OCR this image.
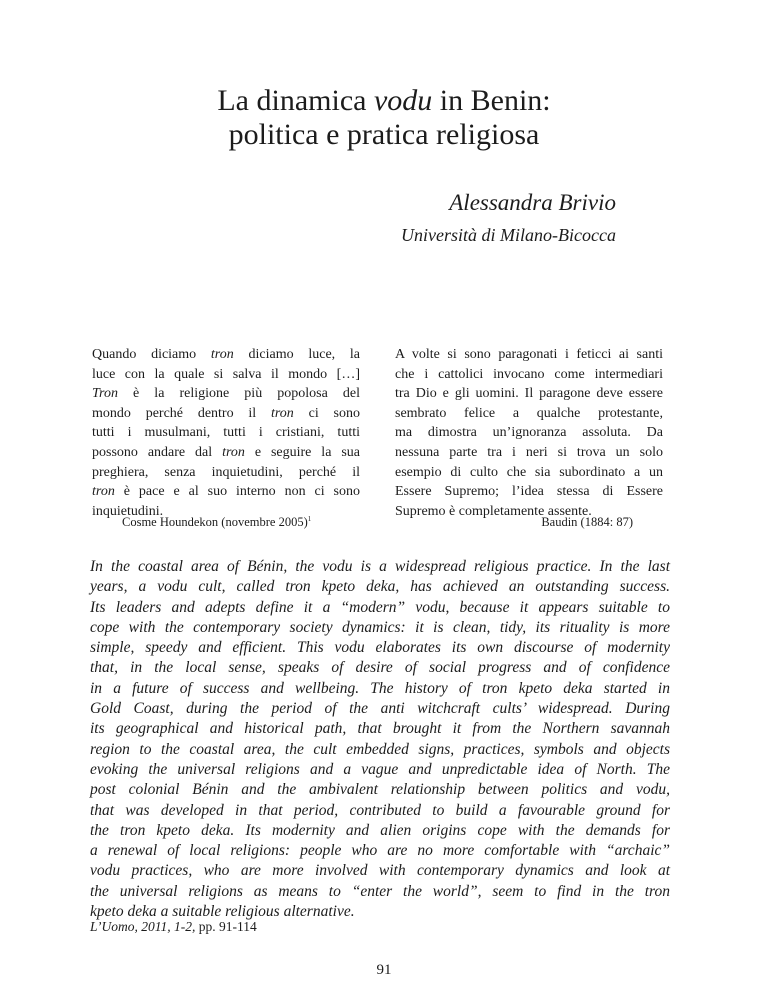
La dinamica vodu in Benin:
politica e pratica religiosa
Alessandra Brivio
Università di Milano-Bicocca
Quando diciamo tron diciamo luce, la
luce con la quale si salva il mondo […]
Tron è la religione più popolosa del
mondo perché dentro il tron ci sono
tutti i musulmani, tutti i cristiani, tutti
possono andare dal tron e seguire la sua
preghiera, senza inquietudini, perché il
tron è pace e al suo interno non ci sono
inquietudini.
A volte si sono paragonati i feticci ai santi
che i cattolici invocano come intermediari
tra Dio e gli uomini. Il paragone deve essere
sembrato felice a qualche protestante,
ma dimostra un’ignoranza assoluta. Da
nessuna parte tra i neri si trova un solo
esempio di culto che sia subordinato a un
Essere Supremo; l’idea stessa di Essere
Supremo è completamente assente.
Cosme Houndekon (novembre 2005)$^1$	Baudin (1884: 87)
In the coastal area of Bénin, the vodu is a widespread religious practice. In the last
years, a vodu cult, called tron kpeto deka, has achieved an outstanding success.
Its leaders and adepts define it a “modern” vodu, because it appears suitable to
cope with the contemporary society dynamics: it is clean, tidy, its rituality is more
simple, speedy and efficient. This vodu elaborates its own discourse of modernity
that, in the local sense, speaks of desire of social progress and of confidence
in a future of success and wellbeing. The history of tron kpeto deka started in
Gold Coast, during the period of the anti witchcraft cults’ widespread. During
its geographical and historical path, that brought it from the Northern savannah
region to the coastal area, the cult embedded signs, practices, symbols and objects
evoking the universal religions and a vague and unpredictable idea of North. The
post colonial Bénin and the ambivalent relationship between politics and vodu,
that was developed in that period, contributed to build a favourable ground for
the tron kpeto deka. Its modernity and alien origins cope with the demands for
a renewal of local religions: people who are no more comfortable with “archaic”
vodu practices, who are more involved with contemporary dynamics and look at
the universal religions as means to “enter the world”, seem to find in the tron
kpeto deka a suitable religious alternative.
L’Uomo, 2011, 1-2, pp. 91-114
91
